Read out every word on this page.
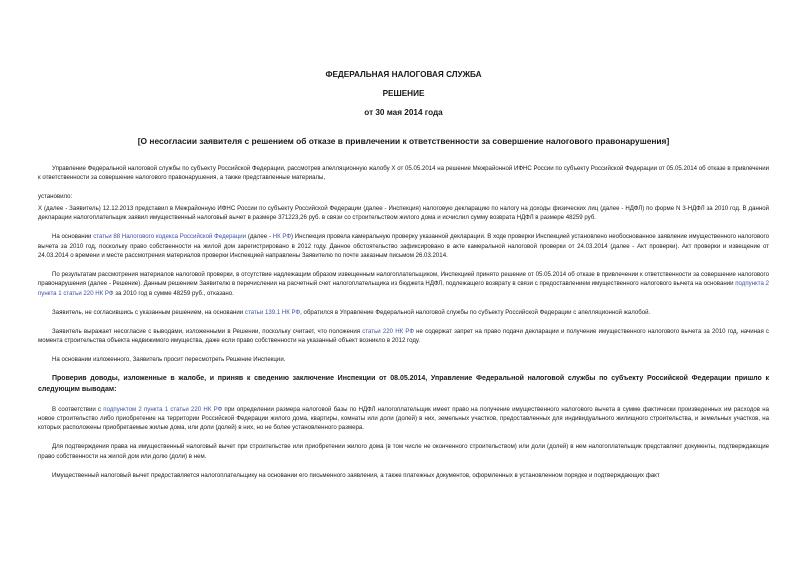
ФЕДЕРАЛЬНАЯ НАЛОГОВАЯ СЛУЖБА
РЕШЕНИЕ
от 30 мая 2014 года
[О несогласии заявителя с решением об отказе в привлечении к ответственности за совершение налогового правонарушения]

Управление Федеральной налоговой службы по субъекту Российской Федерации, рассмотрев апелляционную жалобу Х от 05.05.2014 на решение Межрайонной ИФНС России по субъекту Российской Федерации от 05.05.2014 об отказе в привлечении к ответственности за совершение налогового правонарушения, а также представленные материалы,

установило:

Х (далее - Заявитель) 12.12.2013 представил в Межрайонную ИФНС России по субъекту Российской Федерации (далее - Инспекция) налоговую декларацию по налогу на доходы физических лиц (далее - НДФЛ) по форме N 3-НДФЛ за 2010 год. В данной декларации налогоплательщик заявил имущественный налоговый вычет в размере 371223,26 руб. в связи со строительством жилого дома и исчислил сумму возврата НДФЛ в размере 48259 руб.

На основании статьи 88 Налогового кодекса Российской Федерации (далее - НК РФ) Инспекция провела камеральную проверку указанной декларации. В ходе проверки Инспекцией установлено необоснованное заявление имущественного налогового вычета за 2010 год, поскольку право собственности на жилой дом зарегистрировано в 2012 году. Данное обстоятельство зафиксировано в акте камеральной налоговой проверки от 24.03.2014 (далее - Акт проверки). Акт проверки и извещение от 24.03.2014 о времени и месте рассмотрения материалов проверки Инспекцией направлены Заявителю по почте заказным письмом 26.03.2014.

По результатам рассмотрения материалов налоговой проверки, в отсутствие надлежащим образом извещенным налогоплательщиком, Инспекцией принято решение от 05.05.2014 об отказе в привлечении к ответственности за совершение налогового правонарушения (далее - Решение). Данным решением Заявителю в перечислении на расчетный счет налогоплательщика из бюджета НДФЛ, подлежащего возврату в связи с предоставлением имущественного налогового вычета на основании подпункта 2 пункта 1 статьи 220 НК РФ за 2010 год в сумме 48259 руб., отказано.

Заявитель, не согласившись с указанным решением, на основании статьи 139.1 НК РФ, обратился в Управление Федеральной налоговой службы по субъекту Российской Федерации с апелляционной жалобой.

Заявитель выражает несогласие с выводами, изложенными в Решении, поскольку считает, что положения статьи 220 НК РФ не содержат запрет на право подачи декларации и получение имущественного налогового вычета за 2010 год, начиная с момента строительства объекта недвижимого имущества, даже если право собственности на указанный объект возникло в 2012 году.

На основании изложенного, Заявитель просит пересмотреть Решение Инспекции.

Проверив доводы, изложенные в жалобе, и приняв к сведению заключение Инспекции от 08.05.2014, Управление Федеральной налоговой службы по субъекту Российской Федерации пришло к следующим выводам:

В соответствии с подпунктом 2 пункта 1 статьи 220 НК РФ при определении размера налоговой базы по НДФЛ налогоплательщик имеет право на получение имущественного налогового вычета в сумме фактически произведенных им расходов на новое строительство либо приобретение на территории Российской Федерации жилого дома, квартиры, комнаты или доли (долей) в них, земельных участков, предоставленных для индивидуального жилищного строительства, и земельных участков, на которых расположены приобретаемые жилые дома, или доли (долей) в них, но не более установленного размера.

Для подтверждения права на имущественный налоговый вычет при строительстве или приобретении жилого дома (в том числе не оконченного строительством) или доли (долей) в нем налогоплательщик представляет документы, подтверждающие право собственности на жилой дом или долю (доли) в нем.

Имущественный налоговый вычет предоставляется налогоплательщику на основании его письменного заявления, а также платежных документов, оформленных в установленном порядке и подтверждающих факт
